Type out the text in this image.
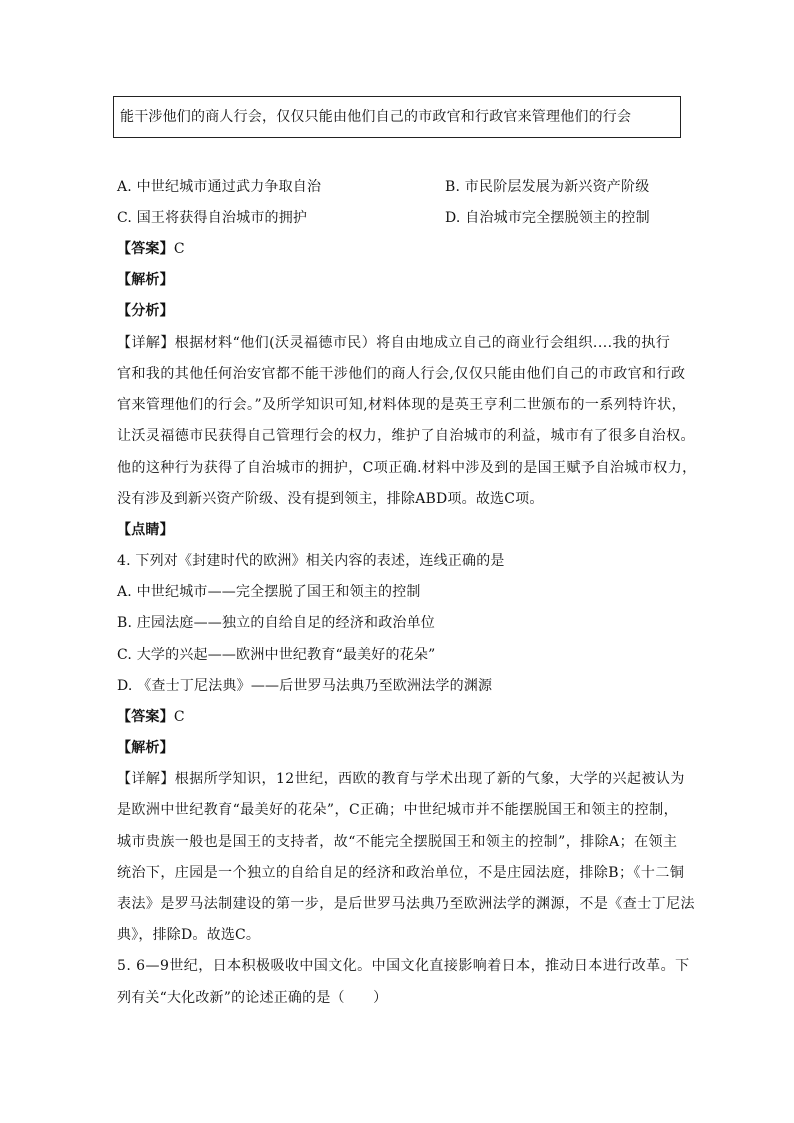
能干涉他们的商人行会，仅仅只能由他们自己的市政官和行政官来管理他们的行会
A. 中世纪城市通过武力争取自治	B. 市民阶层发展为新兴资产阶级
C. 国王将获得自治城市的拥护	D. 自治城市完全摆脱领主的控制
【答案】C
【解析】
【分析】
【详解】根据材料“他们(沃灵福德市民）将自由地成立自己的商业行会组织....我的执行
官和我的其他任何治安官都不能干涉他们的商人行会,仅仅只能由他们自己的市政官和行政
官来管理他们的行会。”及所学知识可知,材料体现的是英王亨利二世颁布的一系列特许状，
让沃灵福德市民获得自己管理行会的权力，维护了自治城市的利益，城市有了很多自治权。
他的这种行为获得了自治城市的拥护，C项正确.材料中涉及到的是国王赋予自治城市权力，
没有涉及到新兴资产阶级、没有提到领主，排除ABD项。故选C项。
【点睛】
4. 下列对《封建时代的欧洲》相关内容的表述，连线正确的是
A. 中世纪城市——完全摆脱了国王和领主的控制
B. 庄园法庭——独立的自给自足的经济和政治单位
C. 大学的兴起——欧洲中世纪教育“最美好的花朵”
D. 《查士丁尼法典》——后世罗马法典乃至欧洲法学的渊源
【答案】C
【解析】
【详解】根据所学知识，12世纪，西欧的教育与学术出现了新的气象，大学的兴起被认为
是欧洲中世纪教育“最美好的花朵”，C正确；中世纪城市并不能摆脱国王和领主的控制，
城市贵族一般也是国王的支持者，故“不能完全摆脱国王和领主的控制”，排除A；在领主
统治下，庄园是一个独立的自给自足的经济和政治单位，不是庄园法庭，排除B；《十二铜
表法》是罗马法制建设的第一步，是后世罗马法典乃至欧洲法学的渊源，不是《查士丁尼法
典》，排除D。故选C。
5. 6—9世纪，日本积极吸收中国文化。中国文化直接影响着日本，推动日本进行改革。下
列有关“大化改新”的论述正确的是（　　）
